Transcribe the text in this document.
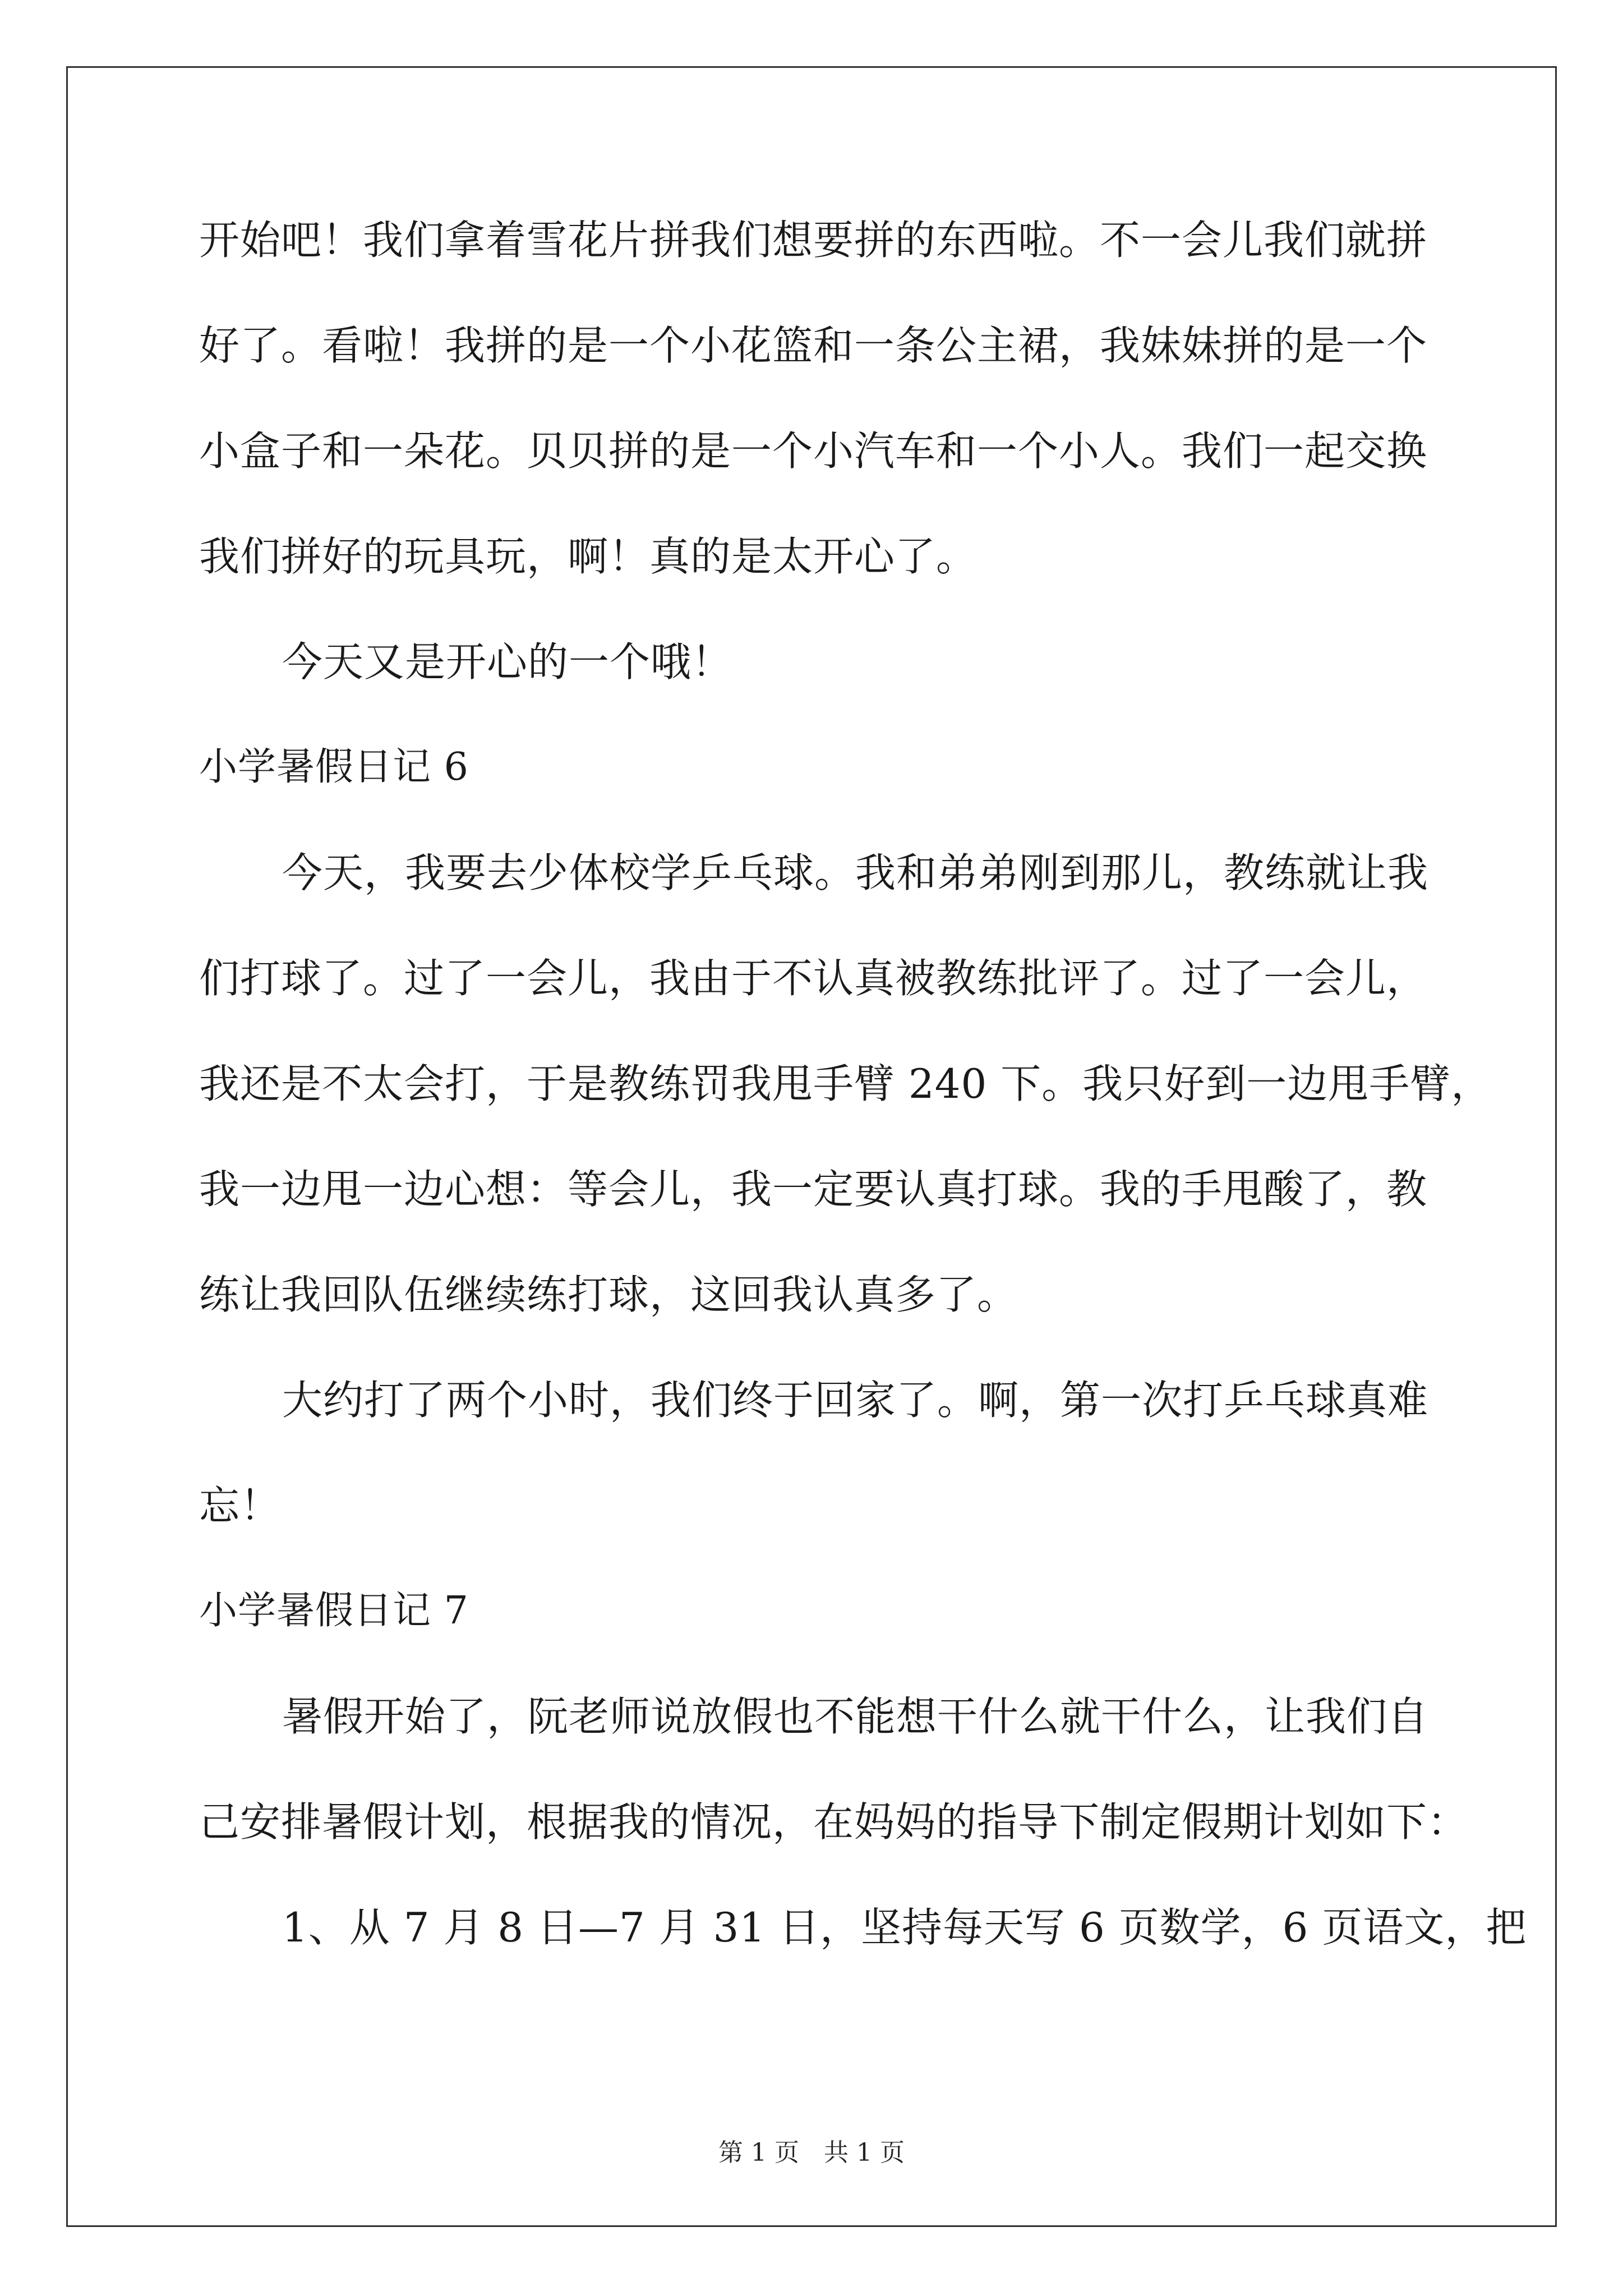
开始吧！我们拿着雪花片拼我们想要拼的东西啦。不一会儿我们就拼
好了。看啦！我拼的是一个小花篮和一条公主裙，我妹妹拼的是一个
小盒子和一朵花。贝贝拼的是一个小汽车和一个小人。我们一起交换
我们拼好的玩具玩，啊！真的是太开心了。
今天又是开心的一个哦！
小学暑假日记 6
今天，我要去少体校学乒乓球。我和弟弟刚到那儿，教练就让我
们打球了。过了一会儿，我由于不认真被教练批评了。过了一会儿，
我还是不太会打，于是教练罚我甩手臂 240 下。我只好到一边甩手臂，
我一边甩一边心想：等会儿，我一定要认真打球。我的手甩酸了，教
练让我回队伍继续练打球，这回我认真多了。
大约打了两个小时，我们终于回家了。啊，第一次打乒乓球真难
忘！
小学暑假日记 7
暑假开始了，阮老师说放假也不能想干什么就干什么，让我们自
己安排暑假计划，根据我的情况，在妈妈的指导下制定假期计划如下：
1、从 7 月 8 日—7 月 31 日，坚持每天写 6 页数学，6 页语文，把
第 1 页　共 1 页
